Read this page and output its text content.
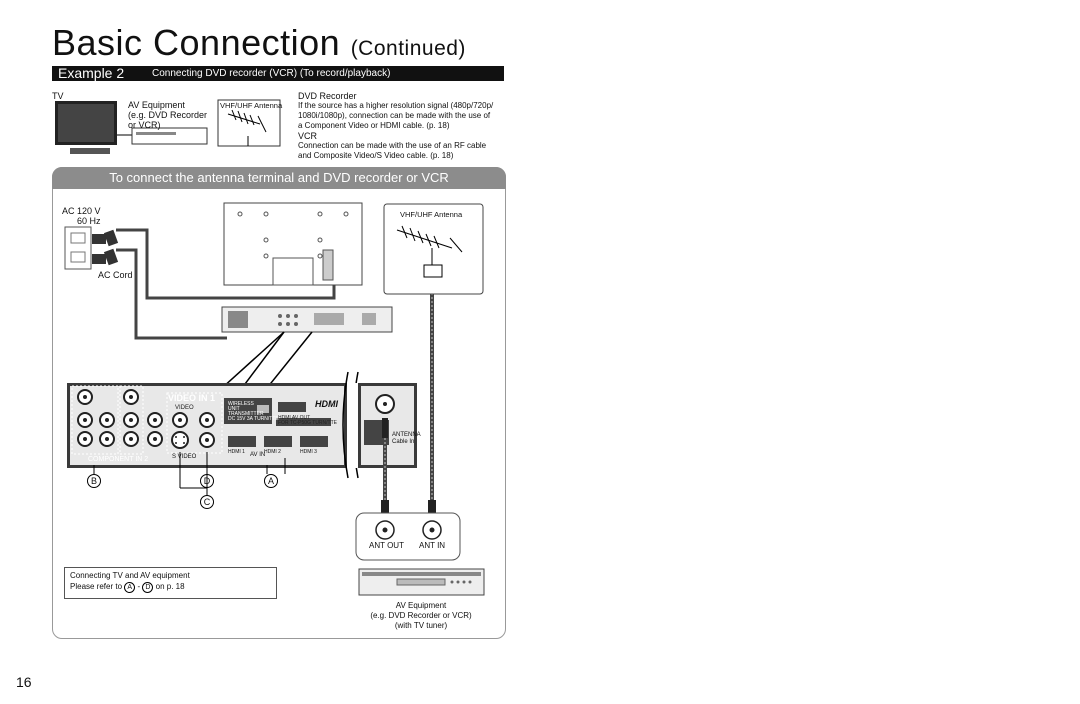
Basic Connection (Continued)
Example 2	Connecting DVD recorder (VCR) (To record/playback)
TV
AV Equipment
(e.g. DVD Recorder
or VCR)
VHF/UHF Antenna
DVD Recorder
If the source has a higher resolution signal (480p/720p/
1080i/1080p), connection can be made with the use of
a Component Video or HDMI cable. (p. 18)
VCR
Connection can be made with the use of an RF cable
and Composite Video/S Video cable. (p. 18)
To connect the antenna terminal and DVD recorder or VCR
AC 120 V
60 Hz
AC Cord
VIDEO IN 1
VIDEO
COMPONENT IN 2	S VIDEO
WIRELESS
UNIT
TRANSMITTER
DC 15V 3A TURN/TTE HDMI AV OUT
FOR TC-P50G TURN/TTE
HDMI
HDMI 1	HDMI 2	HDMI 3
AV IN
ANTENNA
Cable In
VHF/UHF Antenna
B	D	A
C
ANT OUT ANT IN
Connecting TV and AV equipment
Please refer to A - D on p. 18
AV Equipment
(e.g. DVD Recorder or VCR)
(with TV tuner)
16
